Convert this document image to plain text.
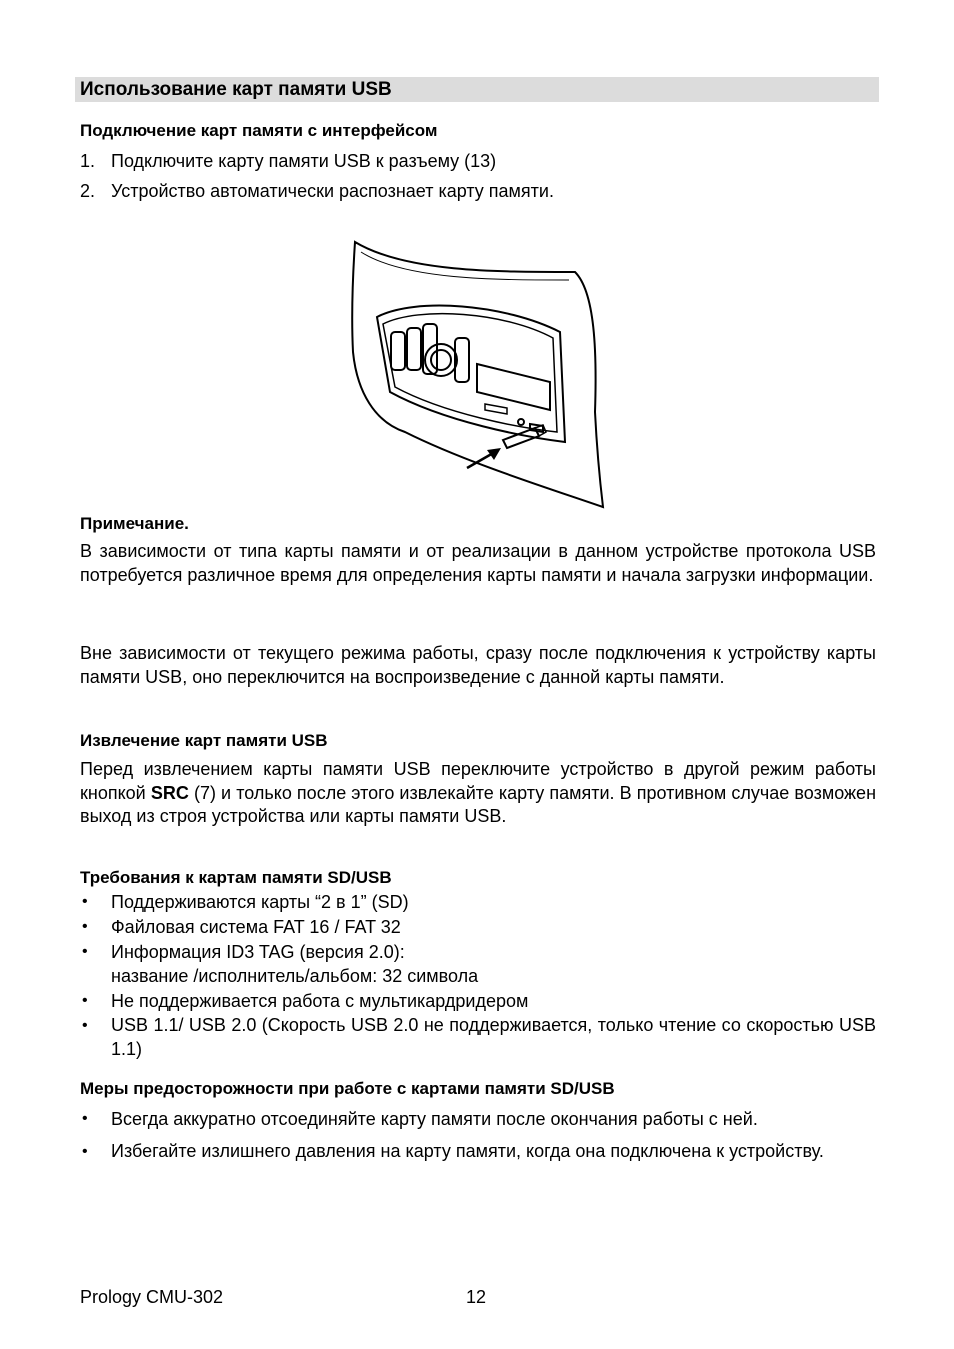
Использование карт памяти USB
Подключение карт памяти с интерфейсом
1. Подключите карту памяти USB к разъему (13)
2. Устройство автоматически распознает карту памяти.
Примечание.
В зависимости от типа карты памяти и от реализации в данном устройстве протокола USB потребуется различное время для определения карты памяти и начала загрузки информации.
Вне зависимости от текущего режима работы, сразу после подключения к устройству карты памяти USB, оно переключится на воспроизведение с данной карты памяти.
Извлечение карт памяти USB
Перед извлечением карты памяти USB переключите устройство в другой режим работы кнопкой SRC (7) и только после этого извлекайте карту памяти. В противном случае возможен выход из строя устройства или карты памяти USB.
Требования к картам памяти SD/USB
•	Поддерживаются карты “2 в 1” (SD)
•	Файловая система FAT 16 / FAT 32
•	Информация ID3 TAG (версия 2.0):
название /исполнитель/альбом: 32 символа
•	Не поддерживается работа с мультикардридером
•	USB 1.1/ USB 2.0 (Скорость USB 2.0 не поддерживается, только чтение со скоростью USB 1.1)
Меры предосторожности при работе с картами памяти SD/USB
•	Всегда аккуратно отсоединяйте карту памяти после окончания работы с ней.
•	Избегайте излишнего давления на карту памяти, когда она подключена к устройству.
Prology CMU-302	12
